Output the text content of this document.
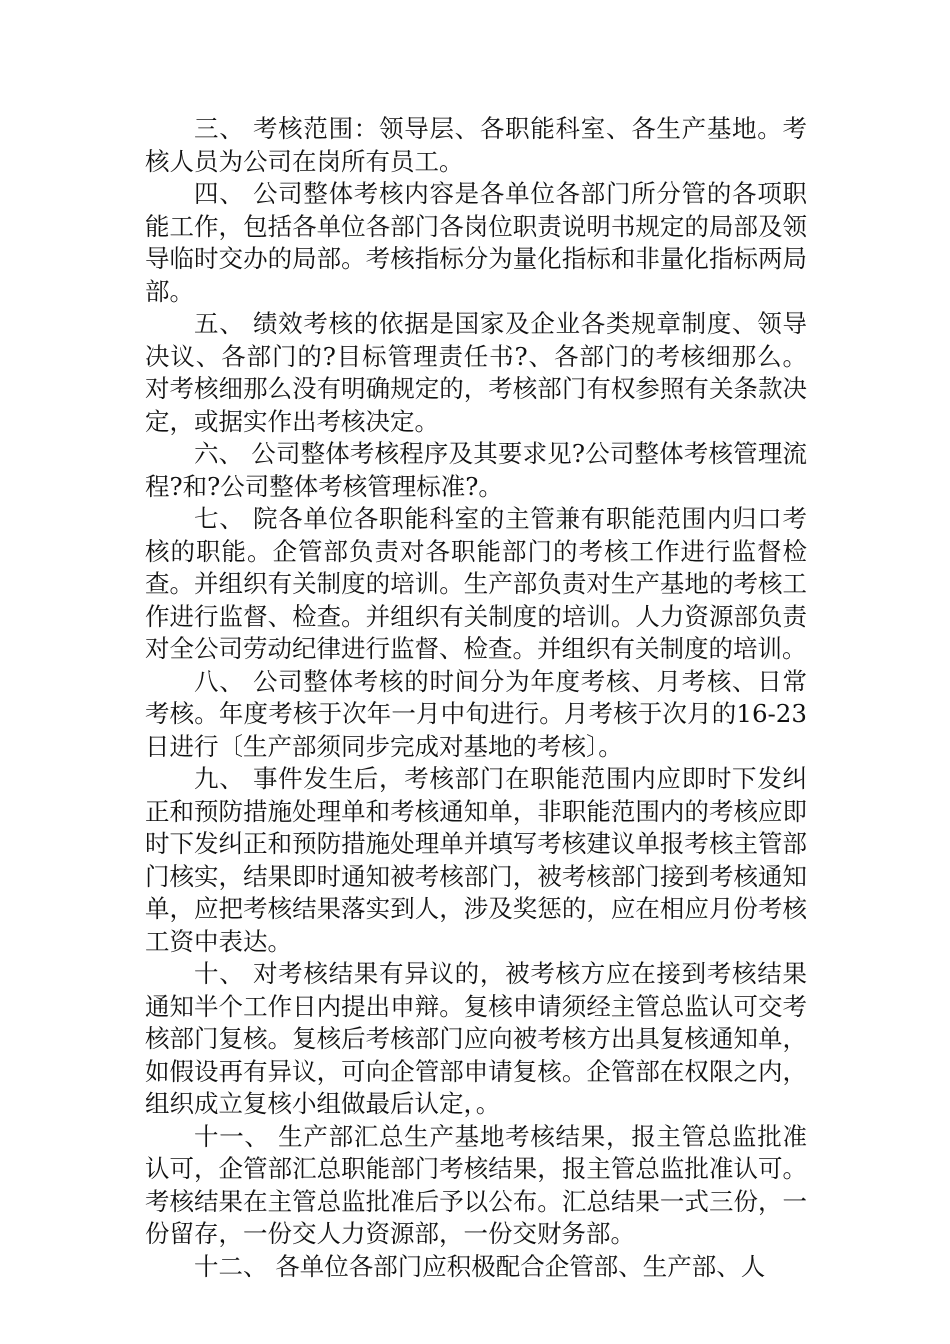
三、 考核范围：领导层、各职能科室、各生产基地。考核人员为公司在岗所有员工。

四、 公司整体考核内容是各单位各部门所分管的各项职能工作，包括各单位各部门各岗位职责说明书规定的局部及领导临时交办的局部。考核指标分为量化指标和非量化指标两局部。

五、 绩效考核的依据是国家及企业各类规章制度、领导决议、各部门的?目标管理责任书?、各部门的考核细那么。对考核细那么没有明确规定的，考核部门有权参照有关条款决定，或据实作出考核决定。

六、 公司整体考核程序及其要求见?公司整体考核管理流程?和?公司整体考核管理标准?。

七、 院各单位各职能科室的主管兼有职能范围内归口考核的职能。企管部负责对各职能部门的考核工作进行监督检查。并组织有关制度的培训。生产部负责对生产基地的考核工作进行监督、检查。并组织有关制度的培训。人力资源部负责对全公司劳动纪律进行监督、检查。并组织有关制度的培训。

八、 公司整体考核的时间分为年度考核、月考核、日常考核。年度考核于次年一月中旬进行。月考核于次月的16-23日进行〔生产部须同步完成对基地的考核〕。

九、 事件发生后，考核部门在职能范围内应即时下发纠正和预防措施处理单和考核通知单，非职能范围内的考核应即时下发纠正和预防措施处理单并填写考核建议单报考核主管部门核实，结果即时通知被考核部门，被考核部门接到考核通知单，应把考核结果落实到人，涉及奖惩的，应在相应月份考核工资中表达。

十、 对考核结果有异议的，被考核方应在接到考核结果通知半个工作日内提出申辩。复核申请须经主管总监认可交考核部门复核。复核后考核部门应向被考核方出具复核通知单，如假设再有异议，可向企管部申请复核。企管部在权限之内，组织成立复核小组做最后认定，。

十一、 生产部汇总生产基地考核结果，报主管总监批准认可，企管部汇总职能部门考核结果，报主管总监批准认可。考核结果在主管总监批准后予以公布。汇总结果一式三份，一份留存，一份交人力资源部，一份交财务部。

十二、 各单位各部门应积极配合企管部、生产部、人
